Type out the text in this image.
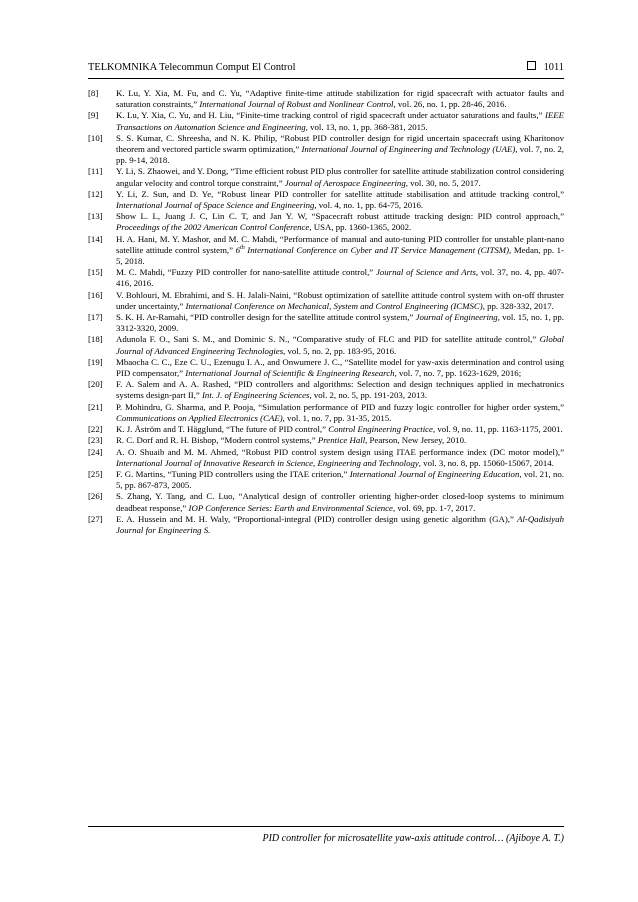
TELKOMNIKA Telecommun Comput El Control	1011
[8] K. Lu, Y. Xia, M. Fu, and C. Yu, “Adaptive finite-time attitude stabilization for rigid spacecraft with actuator faults and saturation constraints,” International Journal of Robust and Nonlinear Control, vol. 26, no. 1, pp. 28-46, 2016.
[9] K. Lu, Y. Xia, C. Yu, and H. Liu, “Finite-time tracking control of rigid spacecraft under actuator saturations and faults,” IEEE Transactions on Automation Science and Engineering, vol. 13, no. 1, pp. 368-381, 2015.
[10] S. S. Kumar, C. Shreesha, and N. K. Philip, “Robust PID controller design for rigid uncertain spacecraft using Kharitonov theorem and vectored particle swarm optimization,” International Journal of Engineering and Technology (UAE), vol. 7, no. 2, pp. 9-14, 2018.
[11] Y. Li, S. Zhaowei, and Y. Dong, “Time efficient robust PID plus controller for satellite attitude stabilization control considering angular velocity and control torque constraint,” Journal of Aerospace Engineering, vol. 30, no. 5, 2017.
[12] Y. Li, Z. Sun, and D. Ye, “Robust linear PID controller for satellite attitude stabilisation and attitude tracking control,” International Journal of Space Science and Engineering, vol. 4, no. 1, pp. 64-75, 2016.
[13] Show L. L, Juang J. C, Lin C. T, and Jan Y. W, “Spacecraft robust attitude tracking design: PID control approach,” Proceedings of the 2002 American Control Conference, USA, pp. 1360-1365, 2002.
[14] H. A. Hani, M. Y. Mashor, and M. C. Mahdi, “Performance of manual and auto-tuning PID controller for unstable plant-nano satellite attitude control system,” 6th International Conference on Cyber and IT Service Management (CITSM), Medan, pp. 1-5, 2018.
[15] M. C. Mahdi, “Fuzzy PID controller for nano-satellite attitude control,” Journal of Science and Arts, vol. 37, no. 4, pp. 407-416, 2016.
[16] V. Bohlouri, M. Ebrahimi, and S. H. Jalali-Naini, “Robust optimization of satellite attitude control system with on-off thruster under uncertainty,” International Conference on Mechanical, System and Control Engineering (ICMSC), pp. 328-332, 2017.
[17] S. K. H. Ar-Ramahi, “PID controller design for the satellite attitude control system,” Journal of Engineering, vol. 15, no. 1, pp. 3312-3320, 2009.
[18] Adunola F. O., Sani S. M., and Dominic S. N., “Comparative study of FLC and PID for satellite attitude control,” Global Journal of Advanced Engineering Technologies, vol. 5, no. 2, pp. 183-95, 2016.
[19] Mbaocha C. C., Eze C. U., Ezenugu I. A., and Onwumere J. C., “Satellite model for yaw-axis determination and control using PID compensator,” International Journal of Scientific & Engineering Research, vol. 7, no. 7, pp. 1623-1629, 2016;
[20] F. A. Salem and A. A. Rashed, “PID controllers and algorithms: Selection and design techniques applied in mechatronics systems design-part II,” Int. J. of Engineering Sciences, vol. 2, no. 5, pp. 191-203, 2013.
[21] P. Mohindru, G. Sharma, and P. Pooja, “Simulation performance of PID and fuzzy logic controller for higher order system,” Communications on Applied Electronics (CAE), vol. 1, no. 7, pp. 31-35, 2015.
[22] K. J. Åström and T. Hägglund, “The future of PID control,” Control Engineering Practice, vol. 9, no. 11, pp. 1163-1175, 2001.
[23] R. C. Dorf and R. H. Bishop, “Modern control systems,” Prentice Hall, Pearson, New Jersey, 2010.
[24] A. O. Shuaib and M. M. Ahmed, “Robust PID control system design using ITAE performance index (DC motor model),” International Journal of Innovative Research in Science, Engineering and Technology, vol. 3, no. 8, pp. 15060-15067, 2014.
[25] F. G. Martins, “Tuning PID controllers using the ITAE criterion,” International Journal of Engineering Education, vol. 21, no. 5, pp. 867-873, 2005.
[26] S. Zhang, Y. Tang, and C. Luo, “Analytical design of controller orienting higher-order closed-loop systems to minimum deadbeat response,” IOP Conference Series: Earth and Environmental Science, vol. 69, pp. 1-7, 2017.
[27] E. A. Hussein and M. H. Waly, “Proportional-integral (PID) controller design using genetic algorithm (GA),” Al-Qadisiyah Journal for Engineering S.
PID controller for microsatellite yaw-axis attitude control… (Ajiboye A. T.)
